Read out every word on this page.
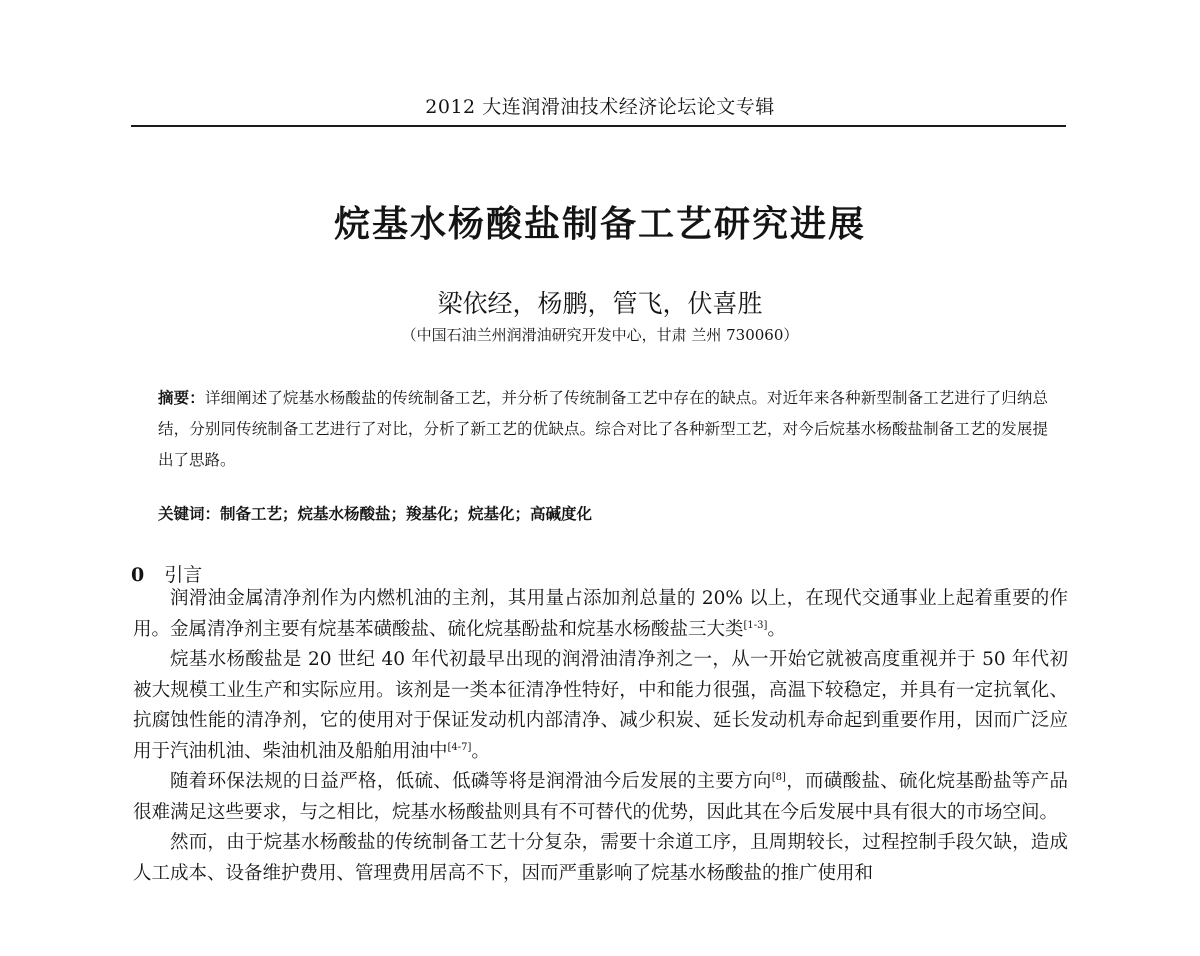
2012 大连润滑油技术经济论坛论文专辑
烷基水杨酸盐制备工艺研究进展
梁依经，杨鹏，管飞，伏喜胜
（中国石油兰州润滑油研究开发中心，甘肃 兰州 730060）
摘要：详细阐述了烷基水杨酸盐的传统制备工艺，并分析了传统制备工艺中存在的缺点。对近年来各种新型制备工艺进行了归纳总结，分别同传统制备工艺进行了对比，分析了新工艺的优缺点。综合对比了各种新型工艺，对今后烷基水杨酸盐制备工艺的发展提出了思路。
关键词：制备工艺；烷基水杨酸盐；羧基化；烷基化；高碱度化
0 引言

润滑油金属清净剂作为内燃机油的主剂，其用量占添加剂总量的 20% 以上，在现代交通事业上起着重要的作用。金属清净剂主要有烷基苯磺酸盐、硫化烷基酚盐和烷基水杨酸盐三大类[1-3]。

烷基水杨酸盐是 20 世纪 40 年代初最早出现的润滑油清净剂之一，从一开始它就被高度重视并于 50 年代初被大规模工业生产和实际应用。该剂是一类本征清净性特好，中和能力很强，高温下较稳定，并具有一定抗氧化、抗腐蚀性能的清净剂，它的使用对于保证发动机内部清净、减少积炭、延长发动机寿命起到重要作用，因而广泛应用于汽油机油、柴油机油及船舶用油中[4-7]。

随着环保法规的日益严格，低硫、低磷等将是润滑油今后发展的主要方向[8]，而磺酸盐、硫化烷基酚盐等产品很难满足这些要求，与之相比，烷基水杨酸盐则具有不可替代的优势，因此其在今后发展中具有很大的市场空间。

然而，由于烷基水杨酸盐的传统制备工艺十分复杂，需要十余道工序，且周期较长，过程控制手段欠缺，造成人工成本、设备维护费用、管理费用居高不下，因而严重影响了烷基水杨酸盐的推广使用和
